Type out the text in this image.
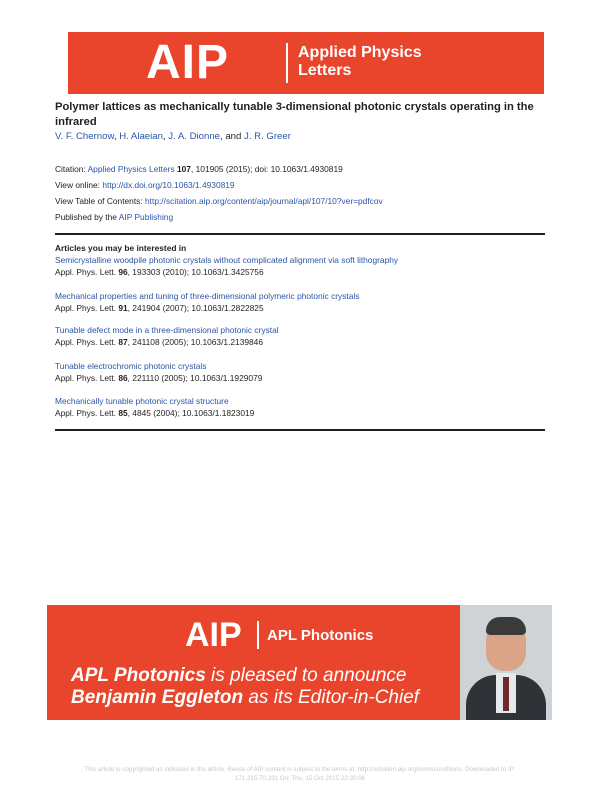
AIP	Applied Physics
Letters
Polymer lattices as mechanically tunable 3-dimensional photonic crystals operating in the infrared
V. F. Chernow, H. Alaeian, J. A. Dionne, and J. R. Greer
Citation: Applied Physics Letters 107, 101905 (2015); doi: 10.1063/1.4930819
View online: http://dx.doi.org/10.1063/1.4930819
View Table of Contents: http://scitation.aip.org/content/aip/journal/apl/107/10?ver=pdfcov
Published by the AIP Publishing
Articles you may be interested in
Semicrystalline woodpile photonic crystals without complicated alignment via soft lithography
Appl. Phys. Lett. 96, 193303 (2010); 10.1063/1.3425756
Mechanical properties and tuning of three-dimensional polymeric photonic crystals
Appl. Phys. Lett. 91, 241904 (2007); 10.1063/1.2822825
Tunable defect mode in a three-dimensional photonic crystal
Appl. Phys. Lett. 87, 241108 (2005); 10.1063/1.2139846
Tunable electrochromic photonic crystals
Appl. Phys. Lett. 86, 221110 (2005); 10.1063/1.1929079
Mechanically tunable photonic crystal structure
Appl. Phys. Lett. 85, 4845 (2004); 10.1063/1.1823019
AIP APL Photonics
APL Photonics is pleased to announce
Benjamin Eggleton as its Editor-in-Chief
This article is copyrighted as indicated in the article. Reuse of AIP content is subject to the terms at: http://scitation.aip.org/termsconditions. Downloaded to IP:
171.215.70.231 On: Thu, 15 Oct 2015 22:30:06
